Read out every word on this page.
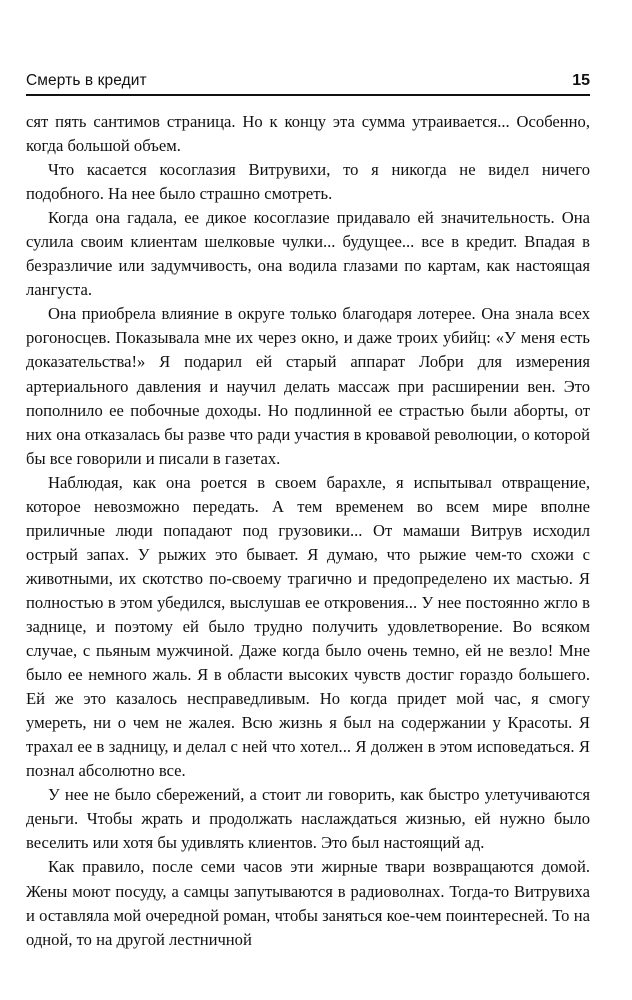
Смерть в кредит	15

сят пять сантимов страница. Но к концу эта сумма утраивается... Особенно, когда большой объем.

Что касается косоглазия Витрувихи, то я никогда не видел ничего подобного. На нее было страшно смотреть.

Когда она гадала, ее дикое косоглазие придавало ей значительность. Она сулила своим клиентам шелковые чулки... будущее... все в кредит. Впадая в безразличие или задумчивость, она водила глазами по картам, как настоящая лангуста.

Она приобрела влияние в округе только благодаря лотерее. Она знала всех рогоносцев. Показывала мне их через окно, и даже троих убийц: «У меня есть доказательства!» Я подарил ей старый аппарат Лобри для измерения артериального давления и научил делать массаж при расширении вен. Это пополнило ее побочные доходы. Но подлинной ее страстью были аборты, от них она отказалась бы разве что ради участия в кровавой революции, о которой бы все говорили и писали в газетах.

Наблюдая, как она роется в своем барахле, я испытывал отвращение, которое невозможно передать. А тем временем во всем мире вполне приличные люди попадают под грузовики... От мамаши Витрув исходил острый запах. У рыжих это бывает. Я думаю, что рыжие чем-то схожи с животными, их скотство по-своему трагично и предопределено их мастью. Я полностью в этом убедился, выслушав ее откровения... У нее постоянно жгло в заднице, и поэтому ей было трудно получить удовлетворение. Во всяком случае, с пьяным мужчиной. Даже когда было очень темно, ей не везло! Мне было ее немного жаль. Я в области высоких чувств достиг гораздо большего. Ей же это казалось несправедливым. Но когда придет мой час, я смогу умереть, ни о чем не жалея. Всю жизнь я был на содержании у Красоты. Я трахал ее в задницу, и делал с ней что хотел... Я должен в этом исповедаться. Я познал абсолютно все.

У нее не было сбережений, а стоит ли говорить, как быстро улетучиваются деньги. Чтобы жрать и продолжать наслаждаться жизнью, ей нужно было веселить или хотя бы удивлять клиентов. Это был настоящий ад.

Как правило, после семи часов эти жирные твари возвращаются домой. Жены моют посуду, а самцы запутываются в радиоволнах. Тогда-то Витрувиха и оставляла мой очередной роман, чтобы заняться кое-чем поинтересней. То на одной, то на другой лестничной
